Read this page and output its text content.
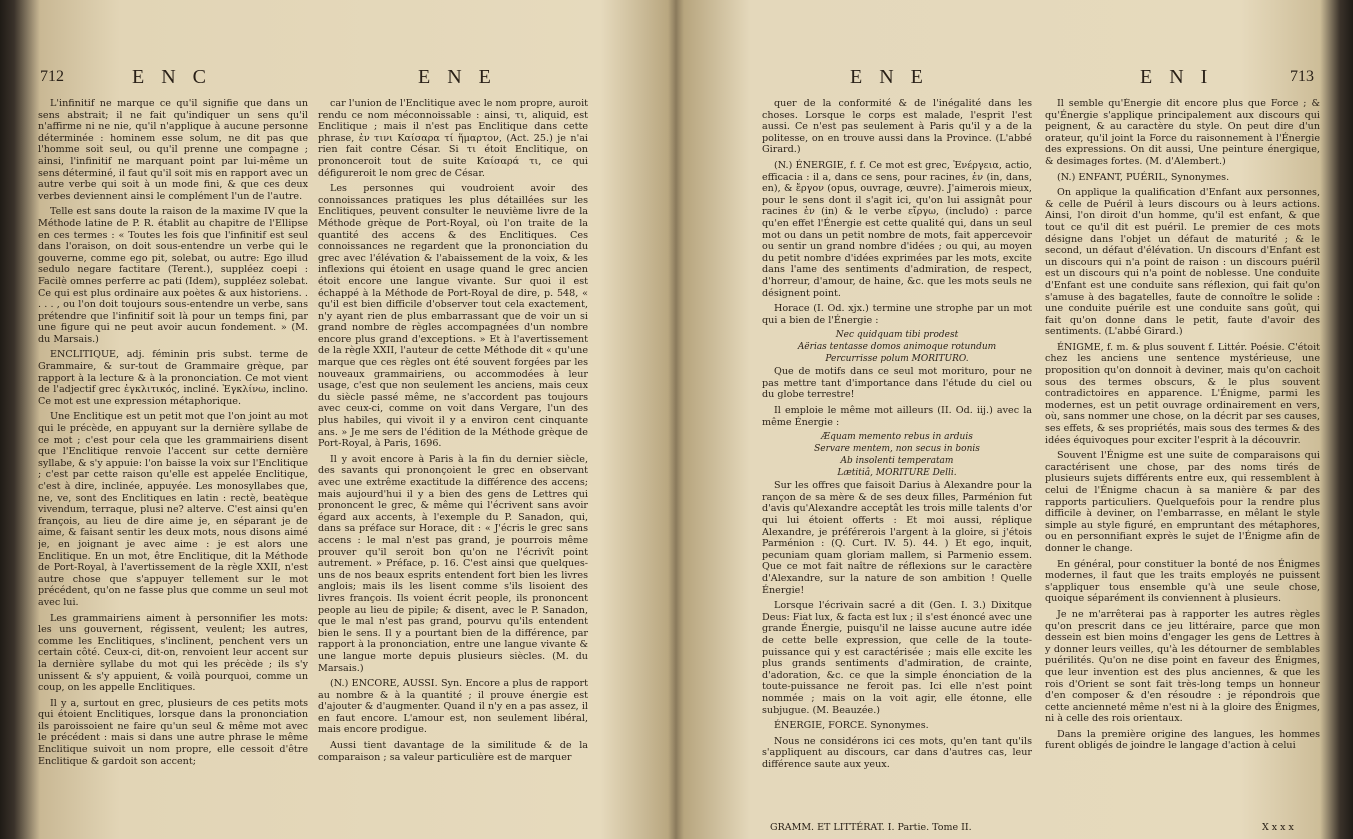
712	E N C	E N E	E N E	E N I	713

L'infinitif ne marque ce qu'il signifie que dans un sens abstrait; il ne fait qu'indiquer un sens qu'il n'affirme ni ne nie, qu'il n'applique à aucune personne déterminée : hominem esse solum, ne dit pas que l'homme soit seul, ou qu'il prenne une compagne ; ainsi, l'infinitif ne marquant point par lui-même un sens déterminé, il faut qu'il soit mis en rapport avec un autre verbe qui soit à un mode fini, & que ces deux verbes deviennent ainsi le complément l'un de l'autre.

Telle est sans doute la raison de la maxime IV que la Méthode latine de P. R. établit au chapitre de l'Ellipse en ces termes : « Toutes les fois que l'infinitif est seul dans l'oraison, on doit sous-entendre un verbe qui le gouverne, comme ego pit, solebat, ou autre: Ego illud sedulo negare factitare (Terent.), suppléez coepi : Facilè omnes perferre ac pati (Idem), suppléez solebat. Ce qui est plus ordinaire aux poètes & aux historiens. . . . . , ou l'on doit toujours sous-entendre un verbe, sans prétendre que l'infinitif soit là pour un temps fini, par une figure qui ne peut avoir aucun fondement. » (M. du Marsais.)

ENCLITIQUE, adj. féminin pris subst. terme de Grammaire, & sur-tout de Grammaire grèque, par rapport à la lecture & à la prononciation. Ce mot vient de l'adjectif grec ἐγκλιτικός, incliné. Ἐγκλίνω, inclino. Ce mot est une expression métaphorique.

Une Enclitique est un petit mot que l'on joint au mot qui le précède, en appuyant sur la dernière syllabe de ce mot ; c'est pour cela que les grammairiens disent que l'Enclitique renvoie l'accent sur cette dernière syllabe, & s'y appuie: l'on baisse la voix sur l'Enclitique ; c'est par cette raison qu'elle est appelée Enclitique, c'est à dire, inclinée, appuyée. Les monosyllabes que, ne, ve, sont des Enclitiques en latin : rectè, beatèque vivendum, terraque, plusi ne? alterve. C'est ainsi qu'en françois, au lieu de dire aime je, en séparant je de aime, & faisant sentir les deux mots, nous disons aimé je, en joignant je avec aime : je est alors une Enclitique. En un mot, être Enclitique, dit la Méthode de Port-Royal, à l'avertissement de la règle XXII, n'est autre chose que s'appuyer tellement sur le mot précédent, qu'on ne fasse plus que comme un seul mot avec lui.

Les grammairiens aiment à personnifier les mots: les uns gouvernent, régissent, veulent; les autres, comme les Enclitiques, s'inclinent, penchent vers un certain côté. Ceux-ci, dit-on, renvoient leur accent sur la dernière syllabe du mot qui les précède ; ils s'y unissent & s'y appuient, & voilà pourquoi, comme un coup, on les appelle Enclitiques.

Il y a, surtout en grec, plusieurs de ces petits mots qui étoient Enclitiques, lorsque dans la prononciation ils paroissoient ne faire qu'un seul & même mot avec le précédent : mais si dans une autre phrase le même Enclitique suivoit un nom propre, elle cessoit d'être Enclitique & gardoit son accent;

car l'union de l'Enclitique avec le nom propre, auroit rendu ce nom méconnoissable : ainsi, τι, aliquid, est Enclitique ; mais il n'est pas Enclitique dans cette phrase, ἐν τινι Καίσαρα τί ἥμαρτον, (Act. 25.) je n'ai rien fait contre César. Si τι étoit Enclitique, on prononceroit tout de suite Καίσαρά τι, ce qui défigureroit le nom grec de César.

Les personnes qui voudroient avoir des connoissances pratiques les plus détaillées sur les Enclitiques, peuvent consulter le neuvième livre de la Méthode grèque de Port-Royal, où l'on traite de la quantité des accens & des Enclitiques. Ces connoissances ne regardent que la prononciation du grec avec l'élévation & l'abaissement de la voix, & les inflexions qui étoient en usage quand le grec ancien étoit encore une langue vivante. Sur quoi il est échappé à la Méthode de Port-Royal de dire, p. 548, « qu'il est bien difficile d'observer tout cela exactement, n'y ayant rien de plus embarrassant que de voir un si grand nombre de règles accompagnées d'un nombre encore plus grand d'exceptions. » Et à l'avertissement de la règle XXII, l'auteur de cette Méthode dit « qu'une marque que ces règles ont été souvent forgées par les nouveaux grammairiens, ou accommodées à leur usage, c'est que non seulement les anciens, mais ceux du siècle passé même, ne s'accordent pas toujours avec ceux-ci, comme on voit dans Vergare, l'un des plus habiles, qui vivoit il y a environ cent cinquante ans. » Je me sers de l'édition de la Méthode grèque de Port-Royal, à Paris, 1696.

Il y avoit encore à Paris à la fin du dernier siècle, des savants qui prononçoient le grec en observant avec une extrême exactitude la différence des accens; mais aujourd'hui il y a bien des gens de Lettres qui prononcent le grec, & même qui l'écrivent sans avoir égard aux accents, à l'exemple du P. Sanadon, qui, dans sa préface sur Horace, dit : « J'écris le grec sans accens : le mal n'est pas grand, je pourrois même prouver qu'il seroit bon qu'on ne l'écrivît point autrement. » Préface, p. 16. C'est ainsi que quelques-uns de nos beaux esprits entendent fort bien les livres anglois; mais ils les lisent comme s'ils lisoient des livres françois. Ils voient écrit people, ils prononcent people au lieu de pipile; & disent, avec le P. Sanadon, que le mal n'est pas grand, pourvu qu'ils entendent bien le sens. Il y a pourtant bien de la différence, par rapport à la prononciation, entre une langue vivante & une langue morte depuis plusieurs siècles. (M. du Marsais.)

(N.) ENCORE, AUSSI. Syn. Encore a plus de rapport au nombre & à la quantité ; il prouve énergie est d'ajouter & d'augmenter. Quand il n'y en a pas assez, il en faut encore. L'amour est, non seulement libéral, mais encore prodigue.

Aussi tient davantage de la similitude & de la comparaison ; sa valeur particulière est de marquer

quer de la conformité & de l'inégalité dans les choses. Lorsque le corps est malade, l'esprit l'est aussi. Ce n'est pas seulement à Paris qu'il y a de la politesse, on en trouve aussi dans la Province. (L'abbé Girard.)

(N.) ÉNERGIE, f. f. Ce mot est grec, Ἐνέργεια, actio, efficacia : il a, dans ce sens, pour racines, ἐν (in, dans, en), & ἔργον (opus, ouvrage, œuvre). J'aimerois mieux, pour le sens dont il s'agit ici, qu'on lui assignât pour racines ἐν (in) & le verbe εἴργω, (includo) : parce qu'en effet l'Énergie est cette qualité qui, dans un seul mot ou dans un petit nombre de mots, fait appercevoir ou sentir un grand nombre d'idées ; ou qui, au moyen du petit nombre d'idées exprimées par les mots, excite dans l'ame des sentiments d'admiration, de respect, d'horreur, d'amour, de haine, &c. que les mots seuls ne désignent point.

Horace (I. Od. xjx.) termine une strophe par un mot qui a bien de l'Énergie :

Nec quidquam tibi prodest

Aërias tentasse domos animoque rotundum

Percurrisse polum MORITURO.

Que de motifs dans ce seul mot morituro, pour ne pas mettre tant d'importance dans l'étude du ciel ou du globe terrestre!

Il emploie le même mot ailleurs (II. Od. iij.) avec la même Énergie :

Æquam memento rebus in arduis

Servare mentem, non secus in bonis

Ab insolenti temperatam

Lætitiâ, MORITURE Delli.

Sur les offres que faisoit Darius à Alexandre pour la rançon de sa mère & de ses deux filles, Parménion fut d'avis qu'Alexandre acceptât les trois mille talents d'or qui lui étoient offerts : Et moi aussi, réplique Alexandre, je préférerois l'argent à la gloire, si j'étois Parménion : (Q. Curt. IV. 5). 44. ) Et ego, inquit, pecuniam quam gloriam mallem, si Parmenio essem. Que ce mot fait naître de réflexions sur le caractère d'Alexandre, sur la nature de son ambition ! Quelle Énergie!

Lorsque l'écrivain sacré a dit (Gen. I. 3.) Dixitque Deus: Fiat lux, & facta est lux ; il s'est énoncé avec une grande Énergie, puisqu'il ne laisse aucune autre idée de cette belle expression, que celle de la toute-puissance qui y est caractérisée ; mais elle excite les plus grands sentiments d'admiration, de crainte, d'adoration, &c. ce que la simple énonciation de la toute-puissance ne feroit pas. Ici elle n'est point nommée ; mais on la voit agir, elle étonne, elle subjugue. (M. Beauzée.)

ÉNERGIE, FORCE. Synonymes.

Nous ne considérons ici ces mots, qu'en tant qu'ils s'appliquent au discours, car dans d'autres cas, leur différence saute aux yeux.

GRAMM. ET LITTÉRAT. I. Partie. Tome II.

Il semble qu'Énergie dit encore plus que Force ; & qu'Énergie s'applique principalement aux discours qui peignent, & au caractère du style. On peut dire d'un orateur, qu'il joint la Force du raisonnement à l'Énergie des expressions. On dit aussi, Une peinture énergique, & desimages fortes. (M. d'Alembert.)

(N.) ENFANT, PUÉRIL, Synonymes.

On applique la qualification d'Enfant aux personnes, & celle de Puéril à leurs discours ou à leurs actions. Ainsi, l'on diroit d'un homme, qu'il est enfant, & que tout ce qu'il dit est puéril. Le premier de ces mots désigne dans l'objet un défaut de maturité ; & le second, un défaut d'élévation. Un discours d'Enfant est un discours qui n'a point de raison : un discours puéril est un discours qui n'a point de noblesse. Une conduite d'Enfant est une conduite sans réflexion, qui fait qu'on s'amuse à des bagatelles, faute de connoître le solide : une conduite puérile est une conduite sans goût, qui fait qu'on donne dans le petit, faute d'avoir des sentiments. (L'abbé Girard.)

ÉNIGME, f. m. & plus souvent f. Littér. Poésie. C'étoit chez les anciens une sentence mystérieuse, une proposition qu'on donnoit à deviner, mais qu'on cachoit sous des termes obscurs, & le plus souvent contradictoires en apparence. L'Énigme, parmi les modernes, est un petit ouvrage ordinairement en vers, où, sans nommer une chose, on la décrit par ses causes, ses effets, & ses propriétés, mais sous des termes & des idées équivoques pour exciter l'esprit à la découvrir.

Souvent l'Énigme est une suite de comparaisons qui caractérisent une chose, par des noms tirés de plusieurs sujets différents entre eux, qui ressemblent à celui de l'Énigme chacun à sa manière & par des rapports particuliers. Quelquefois pour la rendre plus difficile à deviner, on l'embarrasse, en mêlant le style simple au style figuré, en empruntant des métaphores, ou en personnifiant exprès le sujet de l'Énigme afin de donner le change.

En général, pour constituer la bonté de nos Énigmes modernes, il faut que les traits employés ne puissent s'appliquer tous ensemble qu'à une seule chose, quoique séparément ils conviennent à plusieurs.

Je ne m'arrêterai pas à rapporter les autres règles qu'on prescrit dans ce jeu littéraire, parce que mon dessein est bien moins d'engager les gens de Lettres à y donner leurs veilles, qu'à les détourner de semblables puérilités. Qu'on ne dise point en faveur des Énigmes, que leur invention est des plus anciennes, & que les rois d'Orient se sont fait très-long temps un honneur d'en composer & d'en résoudre : je répondrois que cette ancienneté même n'est ni à la gloire des Énigmes, ni à celle des rois orientaux.

Dans la première origine des langues, les hommes furent obligés de joindre le langage d'action à celui

X x x x
